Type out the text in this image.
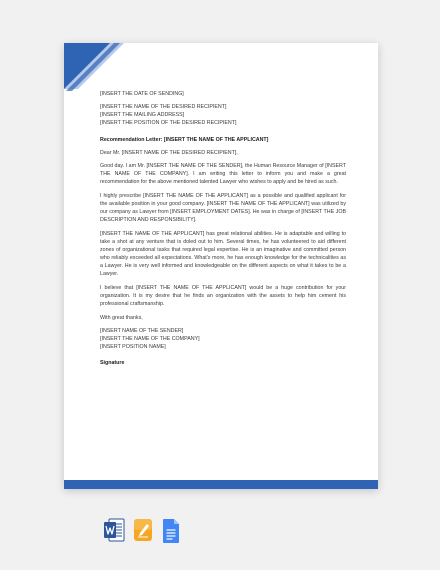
[INSERT THE DATE OF SENDING]
[INSERT THE NAME OF THE DESIRED RECIPIENT]
[INSERT THE MAILING ADDRESS]
[INSERT THE POSITION OF THE DESIRED RECIPIENT]
Recommendation Letter: [INSERT THE NAME OF THE APPLICANT]
Dear Mr. [INSERT NAME OF THE DESIRED RECIPIENT],

Good day. I am Mr. [INSERT THE NAME OF THE SENDER], the Human Resource Manager of [INSERT THE NAME OF THE COMPANY]. I am writing this letter to inform you and make a great recommendation for the above mentioned talented Lawyer who wishes to apply and be hired as such.

I highly prescribe [INSERT THE NAME OF THE APPLICANT] as a possible and qualified applicant for the available position in your good company. [INSERT THE NAME OF THE APPLICANT] was utilized by our company as Lawyer from [INSERT EMPLOYMENT DATES]. He was in charge of [INSERT THE JOB DESCRIPTION AND RESPONSIBILITY].

[INSERT THE NAME OF THE APPLICANT] has great relational abilities. He is adaptable and willing to take a shot at any venture that is doled out to him. Several times, he has volunteered to aid different zones of organizational tasks that required legal expertise. He is an imaginative and committed person who reliably exceeded all expectations. What's more, he has enough knowledge for the technicalities as a Lawyer. He is very well informed and knowledgeable on the different aspects on what it takes to be a Lawyer.

I believe that [INSERT THE NAME OF THE APPLICANT] would be a huge contribution for your organization. It is my desire that he finds an organization with the assets to help him cement his professional craftsmanship.

With great thanks,
[INSERT NAME OF THE SENDER]
[INSERT THE NAME OF THE COMPANY]
[INSERT POSITION NAME]
Signature
